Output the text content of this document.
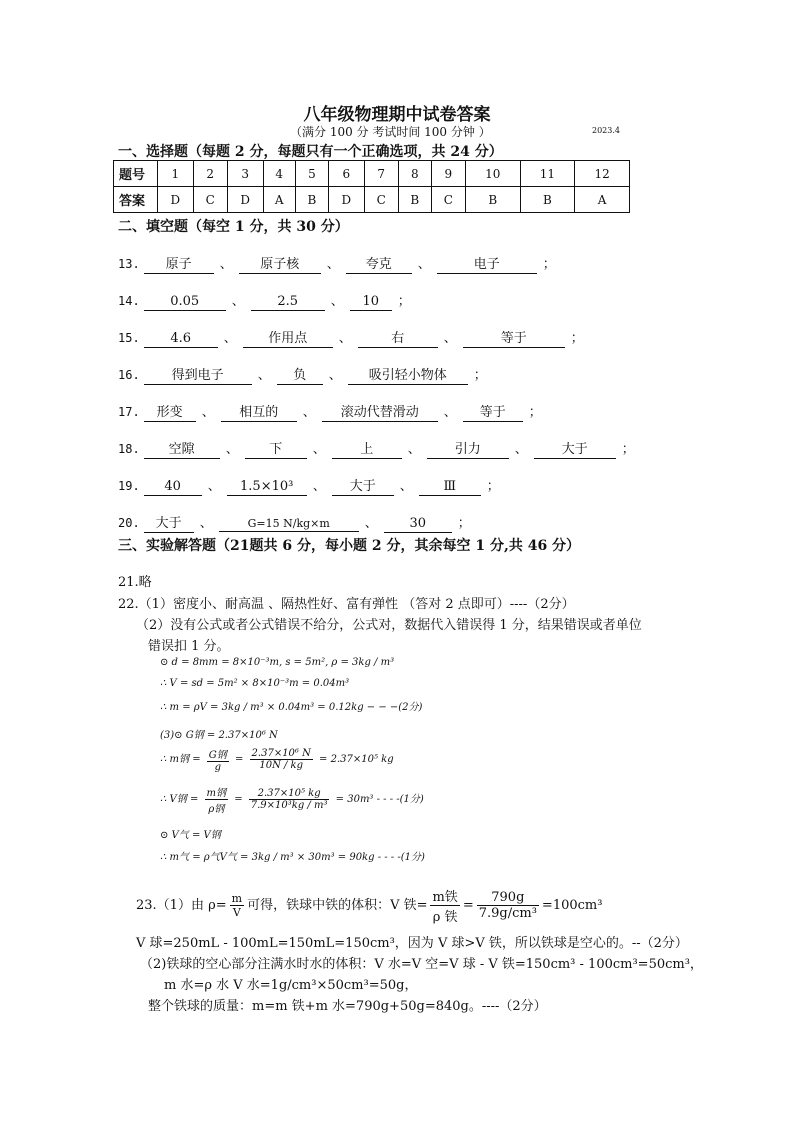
八年级物理期中试卷答案
（满分 100 分 考试时间 100 分钟 ）	2023.4
一、选择题（每题 2 分，每题只有一个正确选项，共 24 分）
题号	1	2	3	4	5	6	7	8	9	10	11	12
答案	D	C	D	A	B	D	C	B	C	B	B	A
二、填空题（每空 1 分，共 30 分）
13. 原子 、 原子核 、 夸克 、	电子	；
14. 0.05	、	2.5	、 10 ；
15. 4.6	、 作用点 、	右	、	等于	；
16. 得到电子	、 负 、 吸引轻小物体 ；
17. 形变 、 相互的 、 滚动代替滑动 、 等于 ；
18. 空隙 、 下 、	上	、	引力	、	大于	；
19. 40 、 1.5×10³ 、 大于 、 Ⅲ ；
20. 大于 、	G=15 N/kg×m	、 30 ；
三、实验解答题（21题共 6 分，每小题 2 分，其余每空 1 分,共 46 分）
21.略
22.（1）密度小、耐高温 、隔热性好、富有弹性 （答对 2 点即可）----（2分）
（2）没有公式或者公式错误不给分，公式对，数据代入错误得 1 分，结果错误或者单位
错误扣 1 分。
⊙ d = 8mm = 8×10⁻³m, s = 5m², ρ = 3kg / m³
∴ V = sd = 5m² × 8×10⁻³m = 0.04m³
∴ m = ρV = 3kg / m³ × 0.04m³ = 0.12kg − − −(2分)
(3)⊙ G钢 = 2.37×10⁶ N
∴ m钢 = $\frac{\text{G钢}}{g} = \frac{\text{2.37×10⁶ N}}{10N / kg} = 2.37\times 10^5$ kg
∴ V钢 = $\frac{\text{m钢}}{\text{ρ钢}} = \frac{\text{2.37×10⁵ kg}}{\text{7.9×10³kg / m³}} = 30m^3$ - - - -(1分)
⊙ V气 = V钢
∴ m气 = ρ气V气 = 3kg / m³ × 30m³ = 90kg - - - -(1分)
23.（1）由 $\rho= \frac{m}{V}$ 可得，铁球中铁的体积：V 铁= $\frac{\text{m铁}}{\text{ρ 铁}} = \frac{790g}{\text{7.9g/cm³}} =100cm^3$
V 球=250mL - 100mL=150mL=150cm³，因为 V 球>V 铁，所以铁球是空心的。--（2分）
（2)铁球的空心部分注满水时水的体积：V 水=V 空=V 球 - V 铁=150cm³ - 100cm³=50cm³，
m 水=ρ 水 V 水=1g/cm³×50cm³=50g，
整个铁球的质量：m=m 铁+m 水=790g+50g=840g。----（2分）
